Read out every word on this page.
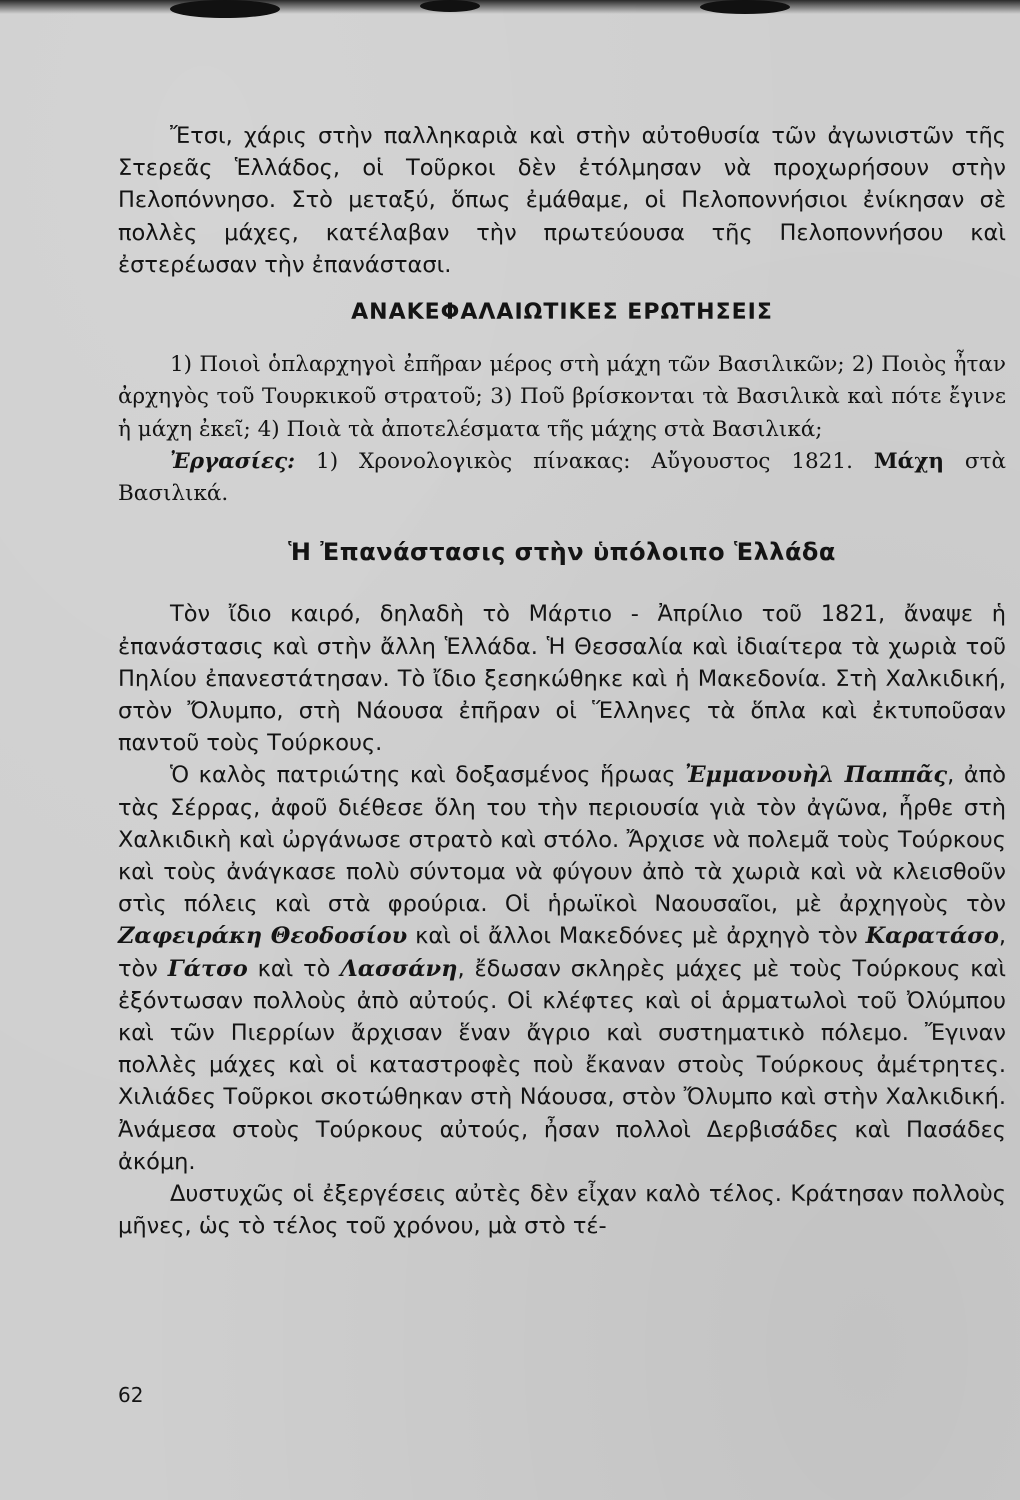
Ἔτσι, χάρις στὴν παλληκαριὰ καὶ στὴν αὐτοθυσία τῶν ἀγωνιστῶν τῆς Στερεᾶς Ἑλλάδος, οἱ Τοῦρκοι δὲν ἐτόλμησαν νὰ προχωρήσουν στὴν Πελοπόννησο. Στὸ μεταξύ, ὅπως ἐμάθαμε, οἱ Πελοποννήσιοι ἐνίκησαν σὲ πολλὲς μάχες, κατέλαβαν τὴν πρωτεύουσα τῆς Πελοποννήσου καὶ ἐστερέωσαν τὴν ἐπανάστασι.

ΑΝΑΚΕΦΑΛΑΙΩΤΙΚΕΣ ΕΡΩΤΗΣΕΙΣ

1) Ποιοὶ ὁπλαρχηγοὶ ἐπῆραν μέρος στὴ μάχη τῶν Βασιλικῶν; 2) Ποιὸς ἦταν ἀρχηγὸς τοῦ Τουρκικοῦ στρατοῦ; 3) Ποῦ βρίσκονται τὰ Βασιλικὰ καὶ πότε ἔγινε ἡ μάχη ἐκεῖ; 4) Ποιὰ τὰ ἀποτελέσματα τῆς μάχης στὰ Βασιλικά;

Ἐργασίες: 1) Χρονολογικὸς πίνακας: Αὔγουστος 1821. Μάχη στὰ Βασιλικά.

Ἡ Ἐπανάστασις στὴν ὑπόλοιπο Ἑλλάδα

Τὸν ἴδιο καιρό, δηλαδὴ τὸ Μάρτιο - Ἀπρίλιο τοῦ 1821, ἄναψε ἡ ἐπανάστασις καὶ στὴν ἄλλη Ἑλλάδα. Ἡ Θεσσαλία καὶ ἰδιαίτερα τὰ χωριὰ τοῦ Πηλίου ἐπανεστάτησαν. Τὸ ἴδιο ξεσηκώθηκε καὶ ἡ Μακεδονία. Στὴ Χαλκιδική, στὸν Ὄλυμπο, στὴ Νάουσα ἐπῆραν οἱ Ἕλληνες τὰ ὅπλα καὶ ἐκτυποῦσαν παντοῦ τοὺς Τούρκους.

Ὁ καλὸς πατριώτης καὶ δοξασμένος ἥρωας Ἐμμανουὴλ Παππᾶς, ἀπὸ τὰς Σέρρας, ἀφοῦ διέθεσε ὅλη του τὴν περιουσία γιὰ τὸν ἀγῶνα, ἦρθε στὴ Χαλκιδικὴ καὶ ὠργάνωσε στρατὸ καὶ στόλο. Ἄρχισε νὰ πολεμᾶ τοὺς Τούρκους καὶ τοὺς ἀνάγκασε πολὺ σύντομα νὰ φύγουν ἀπὸ τὰ χωριὰ καὶ νὰ κλεισθοῦν στὶς πόλεις καὶ στὰ φρούρια. Οἱ ἡρωϊκοὶ Ναουσαῖοι, μὲ ἀρχηγοὺς τὸν Ζαφειράκη Θεοδοσίου καὶ οἱ ἄλλοι Μακεδόνες μὲ ἀρχηγὸ τὸν Καρατάσο, τὸν Γάτσο καὶ τὸ Λασσάνη, ἔδωσαν σκληρὲς μάχες μὲ τοὺς Τούρκους καὶ ἐξόντωσαν πολλοὺς ἀπὸ αὐτούς. Οἱ κλέφτες καὶ οἱ ἁρματωλοὶ τοῦ Ὀλύμπου καὶ τῶν Πιερρίων ἄρχισαν ἕναν ἄγριο καὶ συστηματικὸ πόλεμο. Ἔγιναν πολλὲς μάχες καὶ οἱ καταστροφὲς ποὺ ἔκαναν στοὺς Τούρκους ἀμέτρητες. Χιλιάδες Τοῦρκοι σκοτώθηκαν στὴ Νάουσα, στὸν Ὄλυμπο καὶ στὴν Χαλκιδική. Ἀνάμεσα στοὺς Τούρκους αὐτούς, ἦσαν πολλοὶ Δερβισάδες καὶ Πασάδες ἀκόμη.

Δυστυχῶς οἱ ἐξεργέσεις αὐτὲς δὲν εἶχαν καλὸ τέλος. Κράτησαν πολλοὺς μῆνες, ὡς τὸ τέλος τοῦ χρόνου, μὰ στὸ τέ-

62
